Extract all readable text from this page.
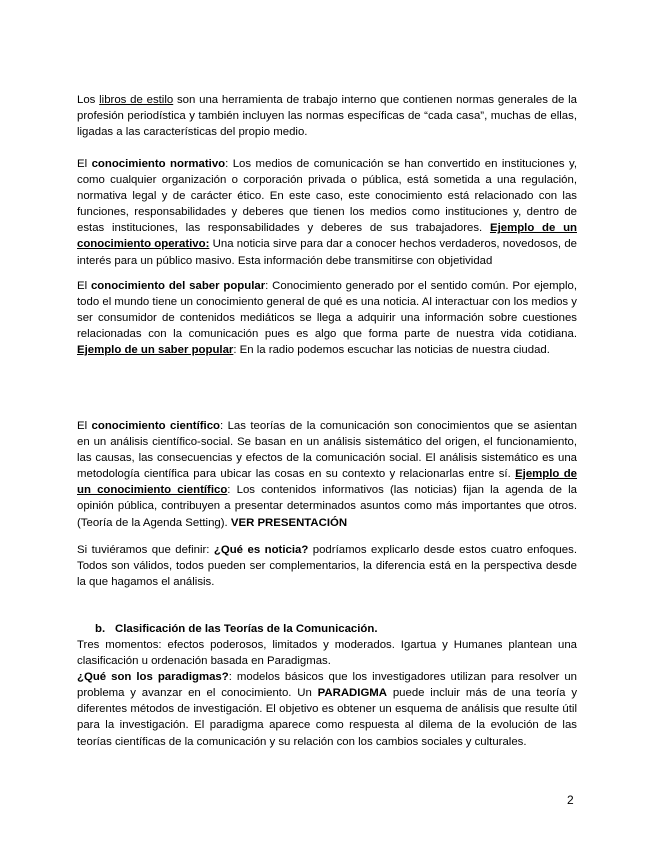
Los libros de estilo son una herramienta de trabajo interno que contienen normas generales de la profesión periodística y también incluyen las normas específicas de “cada casa”, muchas de ellas, ligadas a las características del propio medio.

El conocimiento normativo: Los medios de comunicación se han convertido en instituciones y, como cualquier organización o corporación privada o pública, está sometida a una regulación, normativa legal y de carácter ético. En este caso, este conocimiento está relacionado con las funciones, responsabilidades y deberes que tienen los medios como instituciones y, dentro de estas instituciones, las responsabilidades y deberes de sus trabajadores. Ejemplo de un conocimiento operativo: Una noticia sirve para dar a conocer hechos verdaderos, novedosos, de interés para un público masivo. Esta información debe transmitirse con objetividad

El conocimiento del saber popular: Conocimiento generado por el sentido común. Por ejemplo, todo el mundo tiene un conocimiento general de qué es una noticia. Al interactuar con los medios y ser consumidor de contenidos mediáticos se llega a adquirir una información sobre cuestiones relacionadas con la comunicación pues es algo que forma parte de nuestra vida cotidiana. Ejemplo de un saber popular: En la radio podemos escuchar las noticias de nuestra ciudad.

El conocimiento científico: Las teorías de la comunicación son conocimientos que se asientan en un análisis científico-social. Se basan en un análisis sistemático del origen, el funcionamiento, las causas, las consecuencias y efectos de la comunicación social. El análisis sistemático es una metodología científica para ubicar las cosas en su contexto y relacionarlas entre sí. Ejemplo de un conocimiento científico: Los contenidos informativos (las noticias) fijan la agenda de la opinión pública, contribuyen a presentar determinados asuntos como más importantes que otros. (Teoría de la Agenda Setting). VER PRESENTACIÓN

Si tuviéramos que definir: ¿Qué es noticia? podríamos explicarlo desde estos cuatro enfoques. Todos son válidos, todos pueden ser complementarios, la diferencia está en la perspectiva desde la que hagamos el análisis.

b. Clasificación de las Teorías de la Comunicación.

Tres momentos: efectos poderosos, limitados y moderados. Igartua y Humanes plantean una clasificación u ordenación basada en Paradigmas.
¿Qué son los paradigmas?: modelos básicos que los investigadores utilizan para resolver un problema y avanzar en el conocimiento. Un PARADIGMA puede incluir más de una teoría y diferentes métodos de investigación. El objetivo es obtener un esquema de análisis que resulte útil para la investigación. El paradigma aparece como respuesta al dilema de la evolución de las teorías científicas de la comunicación y su relación con los cambios sociales y culturales.

2
